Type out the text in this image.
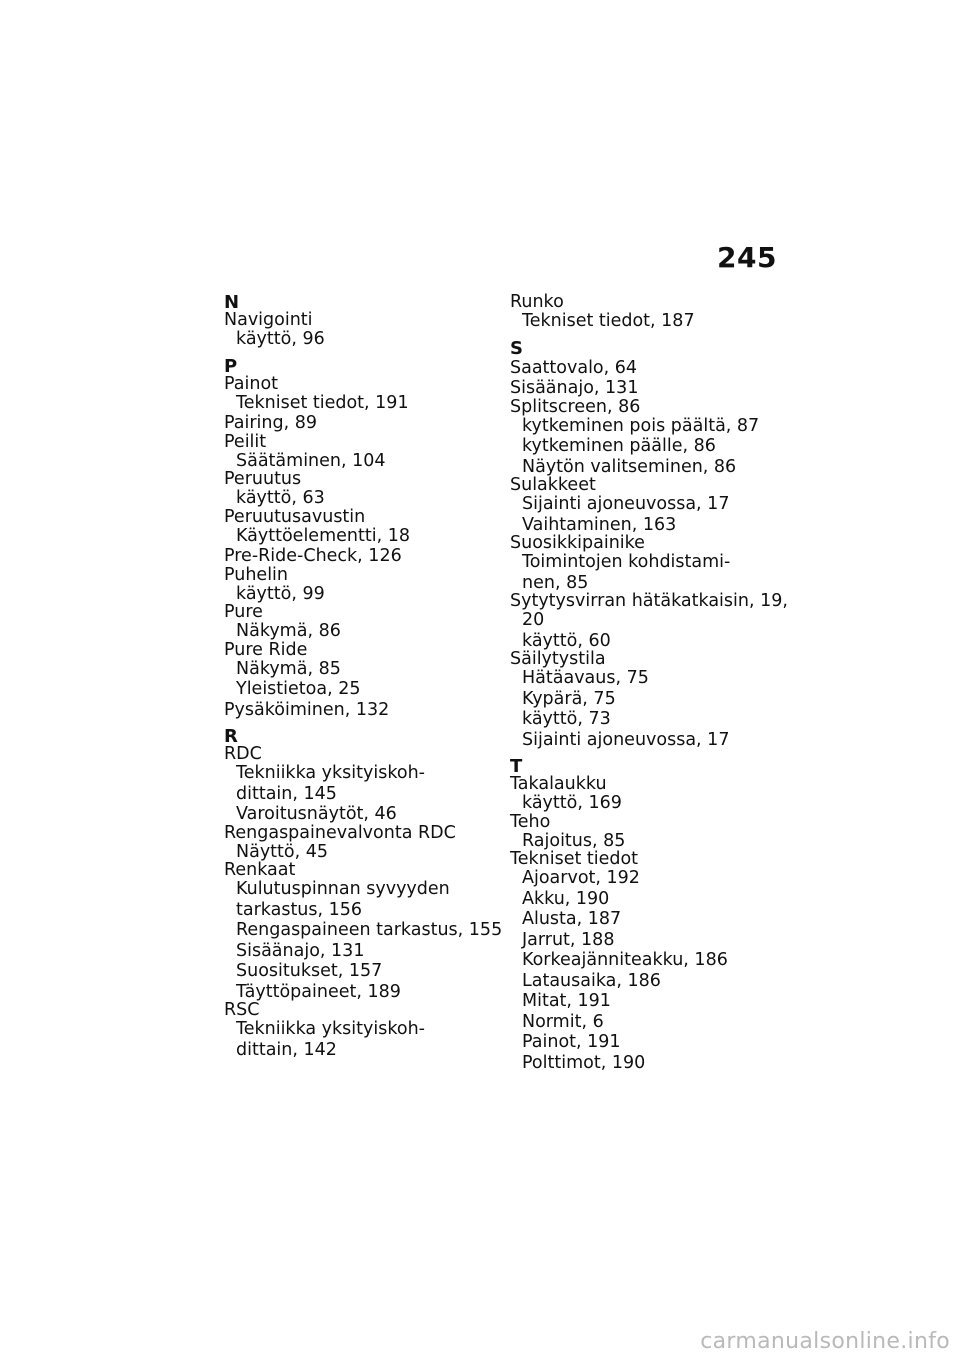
245
N
Navigointi
käyttö, 96
P
Painot
Tekniset tiedot, 191
Pairing, 89
Peilit
Säätäminen, 104
Peruutus
käyttö, 63
Peruutusavustin
Käyttöelementti, 18
Pre-Ride-Check, 126
Puhelin
käyttö, 99
Pure
Näkymä, 86
Pure Ride
Näkymä, 85
Yleistietoa, 25
Pysäköiminen, 132
R
RDC
Tekniikka yksityiskoh-
dittain, 145
Varoitusnäytöt, 46
Rengaspainevalvonta RDC
Näyttö, 45
Renkaat
Kulutuspinnan syvyyden
tarkastus, 156
Rengaspaineen tarkastus, 155
Sisäänajo, 131
Suositukset, 157
Täyttöpaineet, 189
RSC
Tekniikka yksityiskoh-
dittain, 142
Runko
Tekniset tiedot, 187
S
Saattovalo, 64
Sisäänajo, 131
Splitscreen, 86
kytkeminen pois päältä, 87
kytkeminen päälle, 86
Näytön valitseminen, 86
Sulakkeet
Sijainti ajoneuvossa, 17
Vaihtaminen, 163
Suosikkipainike
Toimintojen kohdistami-
nen, 85
Sytytysvirran hätäkatkaisin, 19,
20
käyttö, 60
Säilytystila
Hätäavaus, 75
Kypärä, 75
käyttö, 73
Sijainti ajoneuvossa, 17
T
Takalaukku
käyttö, 169
Teho
Rajoitus, 85
Tekniset tiedot
Ajoarvot, 192
Akku, 190
Alusta, 187
Jarrut, 188
Korkeajänniteakku, 186
Latausaika, 186
Mitat, 191
Normit, 6
Painot, 191
Polttimot, 190
carmanualsonline.info
